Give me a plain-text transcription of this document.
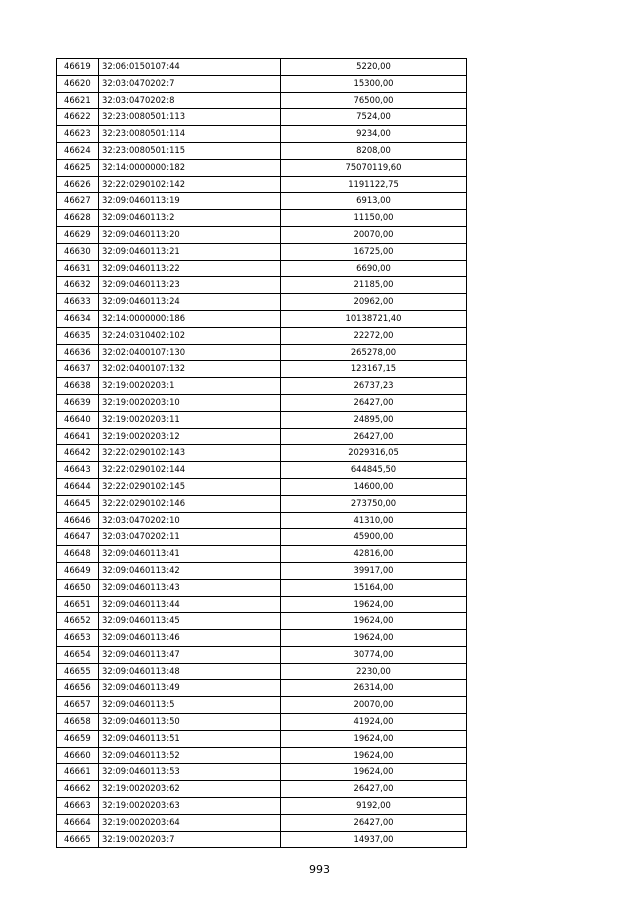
46619	32:06:0150107:44	5220,00
46620	32:03:0470202:7	15300,00
46621	32:03:0470202:8	76500,00
46622	32:23:0080501:113	7524,00
46623	32:23:0080501:114	9234,00
46624	32:23:0080501:115	8208,00
46625	32:14:0000000:182	75070119,60
46626	32:22:0290102:142	1191122,75
46627	32:09:0460113:19	6913,00
46628	32:09:0460113:2	11150,00
46629	32:09:0460113:20	20070,00
46630	32:09:0460113:21	16725,00
46631	32:09:0460113:22	6690,00
46632	32:09:0460113:23	21185,00
46633	32:09:0460113:24	20962,00
46634	32:14:0000000:186	10138721,40
46635	32:24:0310402:102	22272,00
46636	32:02:0400107:130	265278,00
46637	32:02:0400107:132	123167,15
46638	32:19:0020203:1	26737,23
46639	32:19:0020203:10	26427,00
46640	32:19:0020203:11	24895,00
46641	32:19:0020203:12	26427,00
46642	32:22:0290102:143	2029316,05
46643	32:22:0290102:144	644845,50
46644	32:22:0290102:145	14600,00
46645	32:22:0290102:146	273750,00
46646	32:03:0470202:10	41310,00
46647	32:03:0470202:11	45900,00
46648	32:09:0460113:41	42816,00
46649	32:09:0460113:42	39917,00
46650	32:09:0460113:43	15164,00
46651	32:09:0460113:44	19624,00
46652	32:09:0460113:45	19624,00
46653	32:09:0460113:46	19624,00
46654	32:09:0460113:47	30774,00
46655	32:09:0460113:48	2230,00
46656	32:09:0460113:49	26314,00
46657	32:09:0460113:5	20070,00
46658	32:09:0460113:50	41924,00
46659	32:09:0460113:51	19624,00
46660	32:09:0460113:52	19624,00
46661	32:09:0460113:53	19624,00
46662	32:19:0020203:62	26427,00
46663	32:19:0020203:63	9192,00
46664	32:19:0020203:64	26427,00
46665	32:19:0020203:7	14937,00
993
